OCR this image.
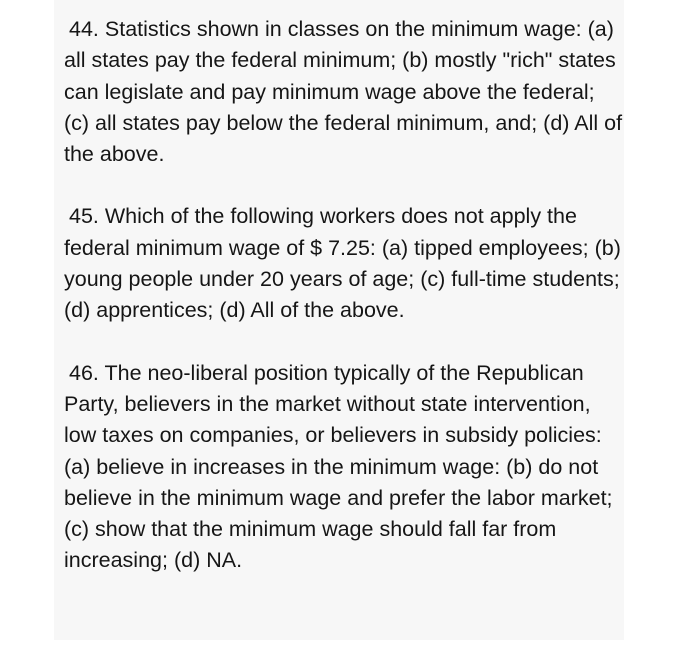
44. Statistics shown in classes on the minimum wage: (a) all states pay the federal minimum; (b) mostly "rich" states can legislate and pay minimum wage above the federal; (c) all states pay below the federal minimum, and; (d) All of the above.

45. Which of the following workers does not apply the federal minimum wage of $ 7.25: (a) tipped employees; (b) young people under 20 years of age; (c) full-time students; (d) apprentices; (d) All of the above.

46. The neo-liberal position typically of the Republican Party, believers in the market without state intervention, low taxes on companies, or believers in subsidy policies: (a) believe in increases in the minimum wage: (b) do not believe in the minimum wage and prefer the labor market; (c) show that the minimum wage should fall far from increasing; (d) NA.
